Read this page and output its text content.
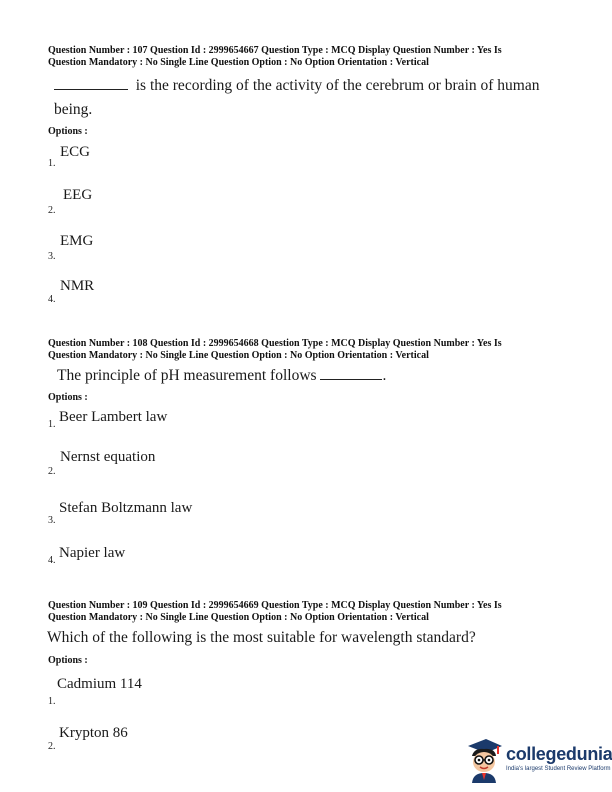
Question Number : 107 Question Id : 2999654667 Question Type : MCQ Display Question Number : Yes Is
Question Mandatory : No Single Line Question Option : No Option Orientation : Vertical
is the recording of the activity of the cerebrum or brain of human
being.
Options :
ECG
1.
EEG
2.
EMG
3.
NMR
4.
Question Number : 108 Question Id : 2999654668 Question Type : MCQ Display Question Number : Yes Is
Question Mandatory : No Single Line Question Option : No Option Orientation : Vertical
The principle of pH measurement follows	.
Options :
Beer Lambert law
1.
Nernst equation
2.
Stefan Boltzmann law
3.
Napier law
4.
Question Number : 109 Question Id : 2999654669 Question Type : MCQ Display Question Number : Yes Is
Question Mandatory : No Single Line Question Option : No Option Orientation : Vertical
Which of the following is the most suitable for wavelength standard?
Options :
Cadmium 114
1.
Krypton 86
2.	collegedunia
India's largest Student Review Platform
